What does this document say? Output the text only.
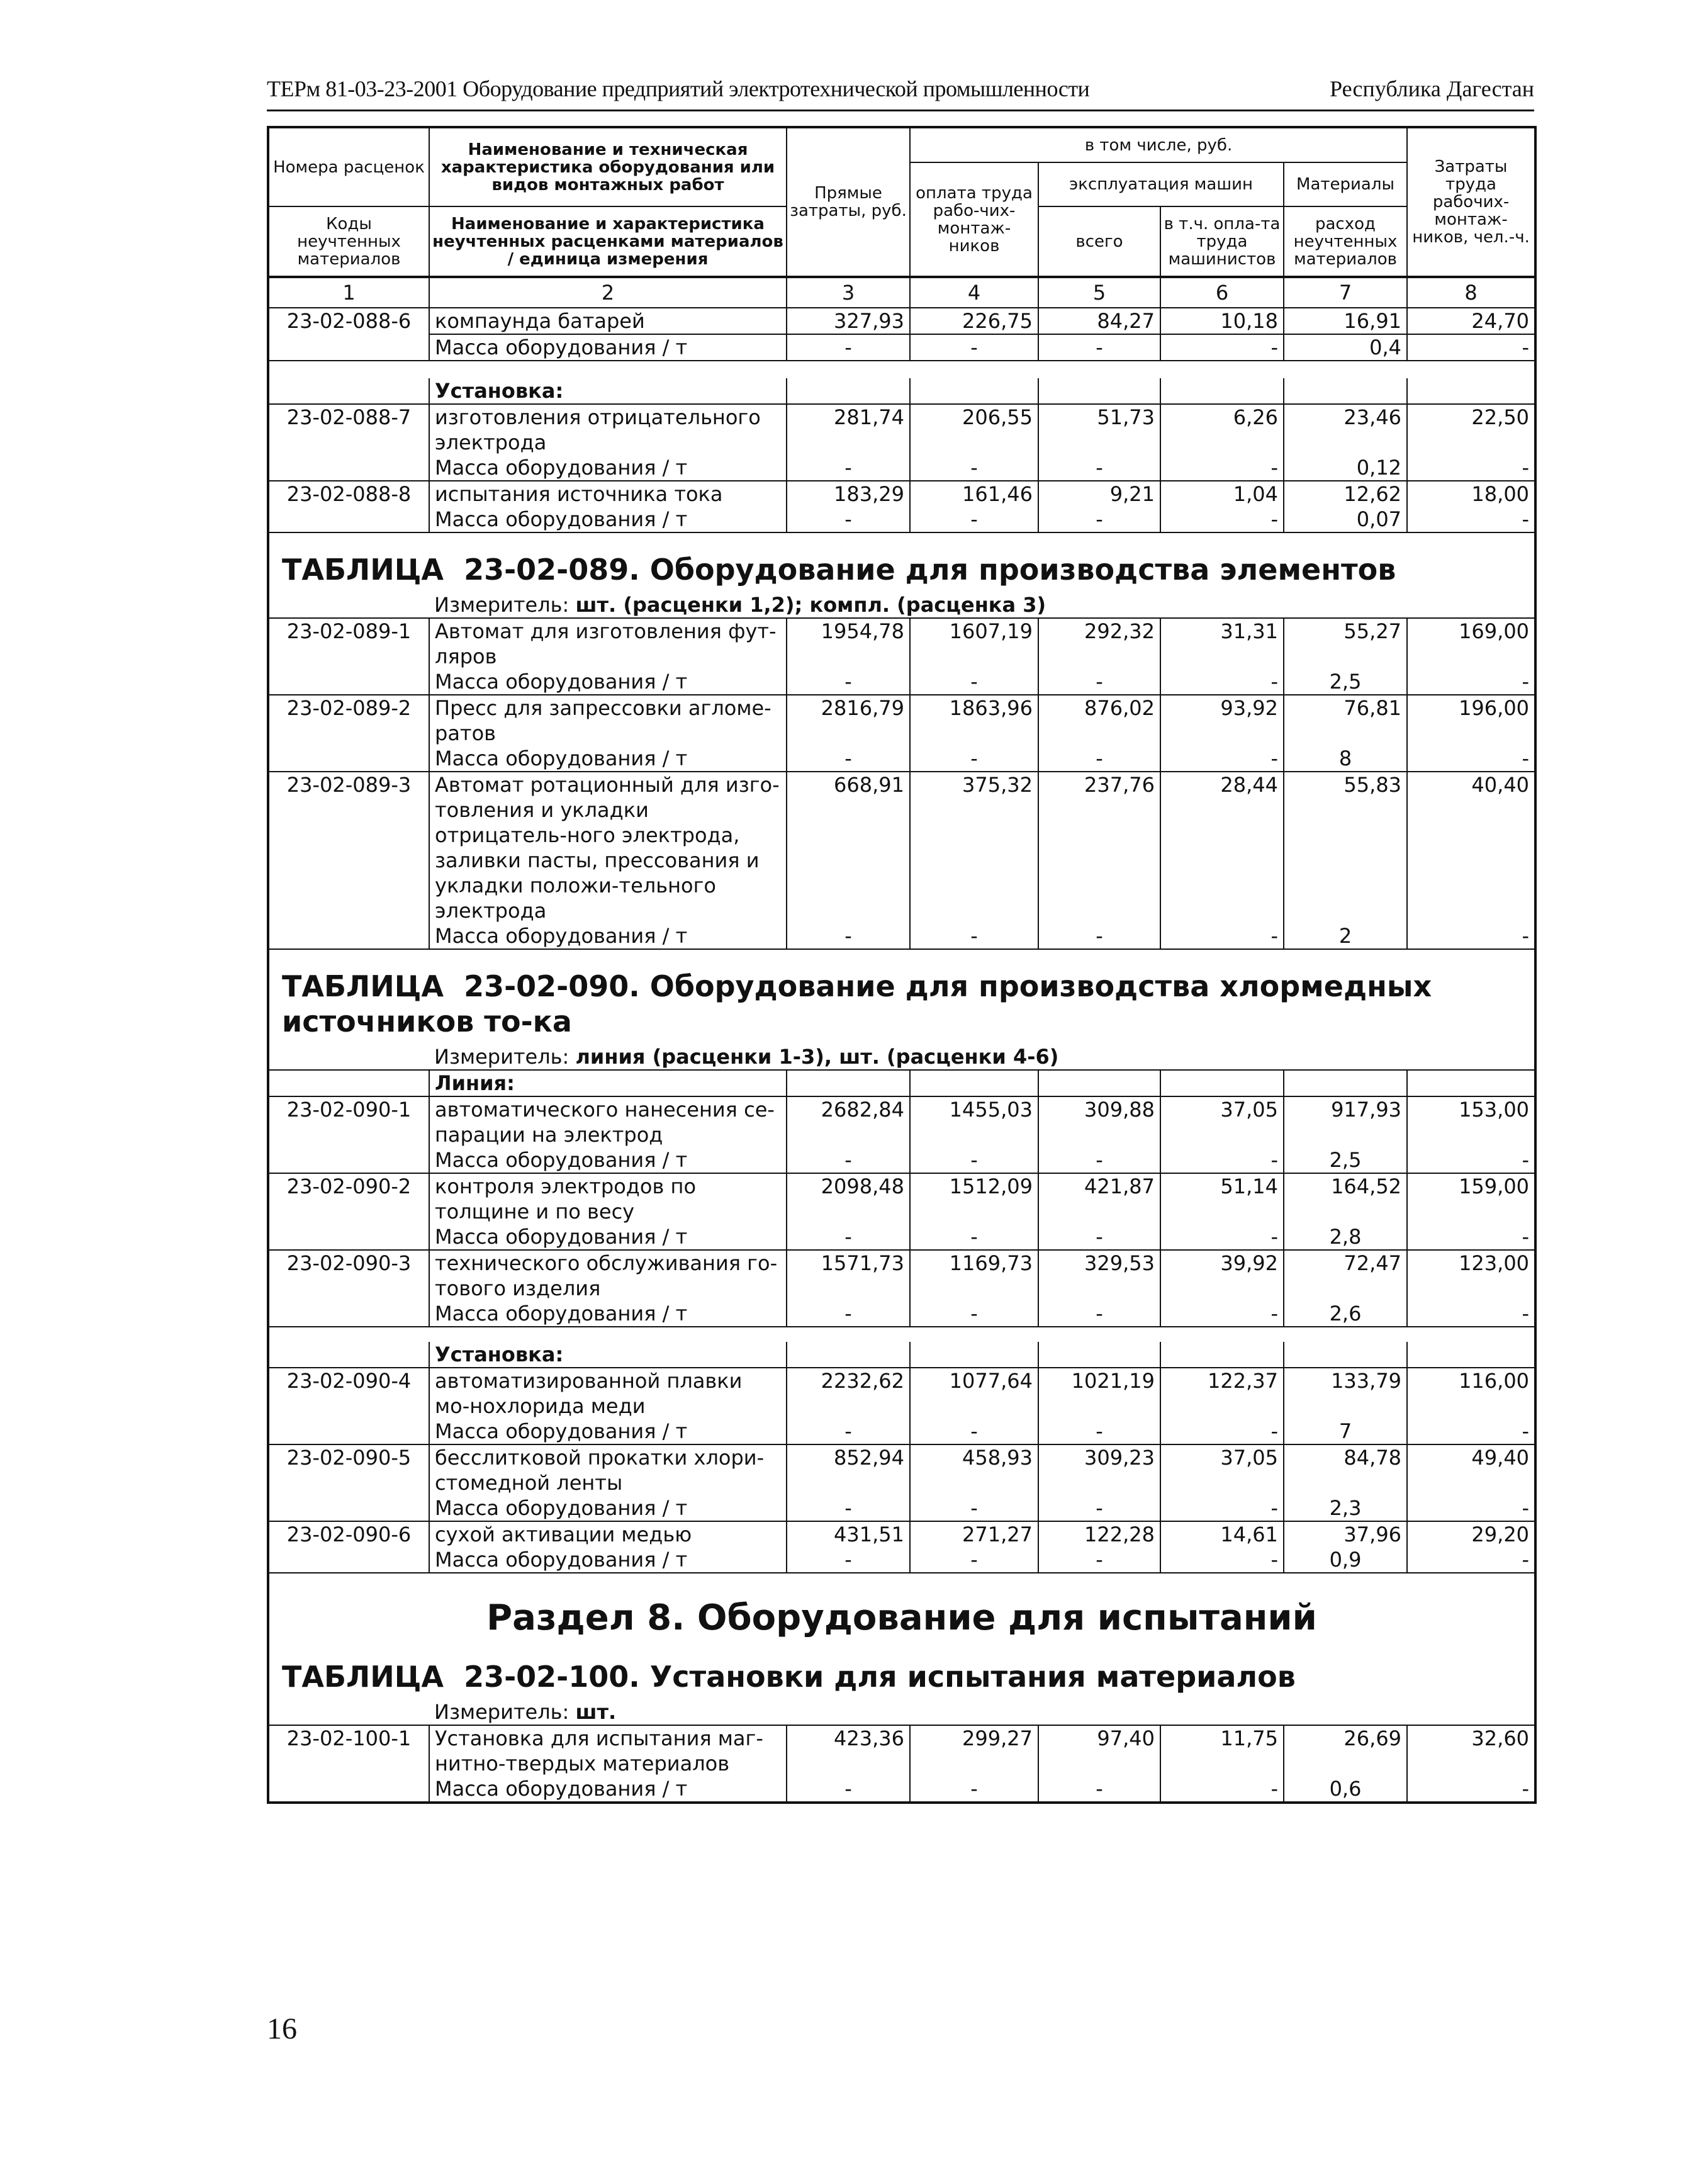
ТЕРм 81-03-23-2001 Оборудование предприятий электротехнической промышленности	Республика Дагестан
Номера расценок	Наименование и техническая характеристика оборудования или видов монтажных работ	Прямые затраты, руб.	в том числе, руб.				Затраты труда рабочих-монтаж-ников, чел.-ч.
			оплата труда рабо-чих-монтаж-ников	эксплуатация машин		Материалы	
Коды неучтенных материалов	Наименование и характеристика неучтенных расценками материалов / единица измерения			всего	в т.ч. опла-та труда машинистов	расход неучтенных материалов	

1	2	3	4	5	6	7	8
23-02-088-6	компаунда батарей	327,93	226,75	84,27	10,18	16,91	24,70
	Масса оборудования / т	-	-	-	-	0,4	-

	Установка:						
23-02-088-7	изготовления отрицательного электрода	281,74	206,55	51,73	6,26	23,46	22,50
	Масса оборудования / т	-	-	-	-	0,12	-
23-02-088-8	испытания источника тока	183,29	161,46	9,21	1,04	12,62	18,00
	Масса оборудования / т	-	-	-	-	0,07	-
ТАБЛИЦА 23-02-089. Оборудование для производства элементов							
	Измеритель: шт. (расценки 1,2); компл. (расценка 3)						
23-02-089-1	Автомат для изготовления фут-ляров	1954,78	1607,19	292,32	31,31	55,27	169,00
	Масса оборудования / т	-	-	-	-	2,5	-
23-02-089-2	Пресс для запрессовки агломе-ратов	2816,79	1863,96	876,02	93,92	76,81	196,00
	Масса оборудования / т	-	-	-	-	8	-
23-02-089-3	Автомат ротационный для изго-товления и укладки отрицатель-ного электрода, заливки пасты, прессования и укладки положи-тельного электрода	668,91	375,32	237,76	28,44	55,83	40,40
	Масса оборудования / т	-	-	-	-	2	-
ТАБЛИЦА 23-02-090. Оборудование для производства хлормедных источников то-ка							
	Измеритель: линия (расценки 1-3), шт. (расценки 4-6)						
	Линия:						
23-02-090-1	автоматического нанесения се-парации на электрод	2682,84	1455,03	309,88	37,05	917,93	153,00
	Масса оборудования / т	-	-	-	-	2,5	-
23-02-090-2	контроля электродов по толщине и по весу	2098,48	1512,09	421,87	51,14	164,52	159,00
	Масса оборудования / т	-	-	-	-	2,8	-
23-02-090-3	технического обслуживания го-тового изделия	1571,73	1169,73	329,53	39,92	72,47	123,00
	Масса оборудования / т	-	-	-	-	2,6	-

	Установка:						
23-02-090-4	автоматизированной плавки мо-нохлорида меди	2232,62	1077,64	1021,19	122,37	133,79	116,00
	Масса оборудования / т	-	-	-	-	7	-
23-02-090-5	бесслитковой прокатки хлори-стомедной ленты	852,94	458,93	309,23	37,05	84,78	49,40
	Масса оборудования / т	-	-	-	-	2,3	-
23-02-090-6	сухой активации медью	431,51	271,27	122,28	14,61	37,96	29,20
	Масса оборудования / т	-	-	-	-	0,9	-
Раздел 8. Оборудование для испытаний							
ТАБЛИЦА 23-02-100. Установки для испытания материалов							
	Измеритель: шт.						
23-02-100-1	Установка для испытания маг-нитно-твердых материалов	423,36	299,27	97,40	11,75	26,69	32,60
	Масса оборудования / т	-	-	-	-	0,6	-
16
